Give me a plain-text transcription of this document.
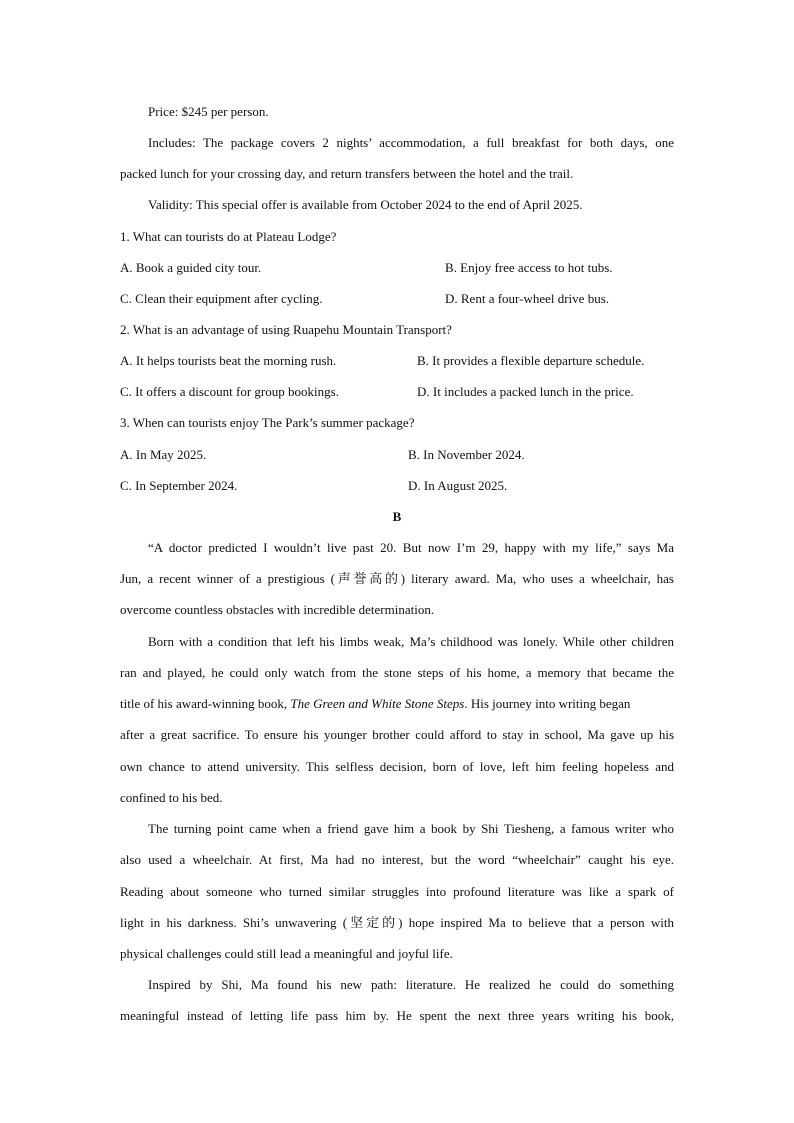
Price: $245 per person.
Includes: The package covers 2 nights’ accommodation, a full breakfast for both days, one
packed lunch for your crossing day, and return transfers between the hotel and the trail.
Validity: This special offer is available from October 2024 to the end of April 2025.
1. What can tourists do at Plateau Lodge?
A. Book a guided city tour.	B. Enjoy free access to hot tubs.
C. Clean their equipment after cycling.	D. Rent a four-wheel drive bus.
2. What is an advantage of using Ruapehu Mountain Transport?
A. It helps tourists beat the morning rush.	B. It provides a flexible departure schedule.
C. It offers a discount for group bookings.	D. It includes a packed lunch in the price.
3. When can tourists enjoy The Park’s summer package?
A. In May 2025.	B. In November 2024.
C. In September 2024.	D. In August 2025.
B
“A doctor predicted I wouldn’t live past 20. But now I’m 29, happy with my life,” says Ma
Jun, a recent winner of a prestigious (声誉高的) literary award. Ma, who uses a wheelchair, has
overcome countless obstacles with incredible determination.
Born with a condition that left his limbs weak, Ma’s childhood was lonely. While other children
ran and played, he could only watch from the stone steps of his home, a memory that became the
title of his award-winning book, The Green and White Stone Steps. His journey into writing began
after a great sacrifice. To ensure his younger brother could afford to stay in school, Ma gave up his
own chance to attend university. This selfless decision, born of love, left him feeling hopeless and
confined to his bed.
The turning point came when a friend gave him a book by Shi Tiesheng, a famous writer who
also used a wheelchair. At first, Ma had no interest, but the word “wheelchair” caught his eye.
Reading about someone who turned similar struggles into profound literature was like a spark of
light in his darkness. Shi’s unwavering (坚定的) hope inspired Ma to believe that a person with
physical challenges could still lead a meaningful and joyful life.
Inspired by Shi, Ma found his new path: literature. He realized he could do something
meaningful instead of letting life pass him by. He spent the next three years writing his book,
